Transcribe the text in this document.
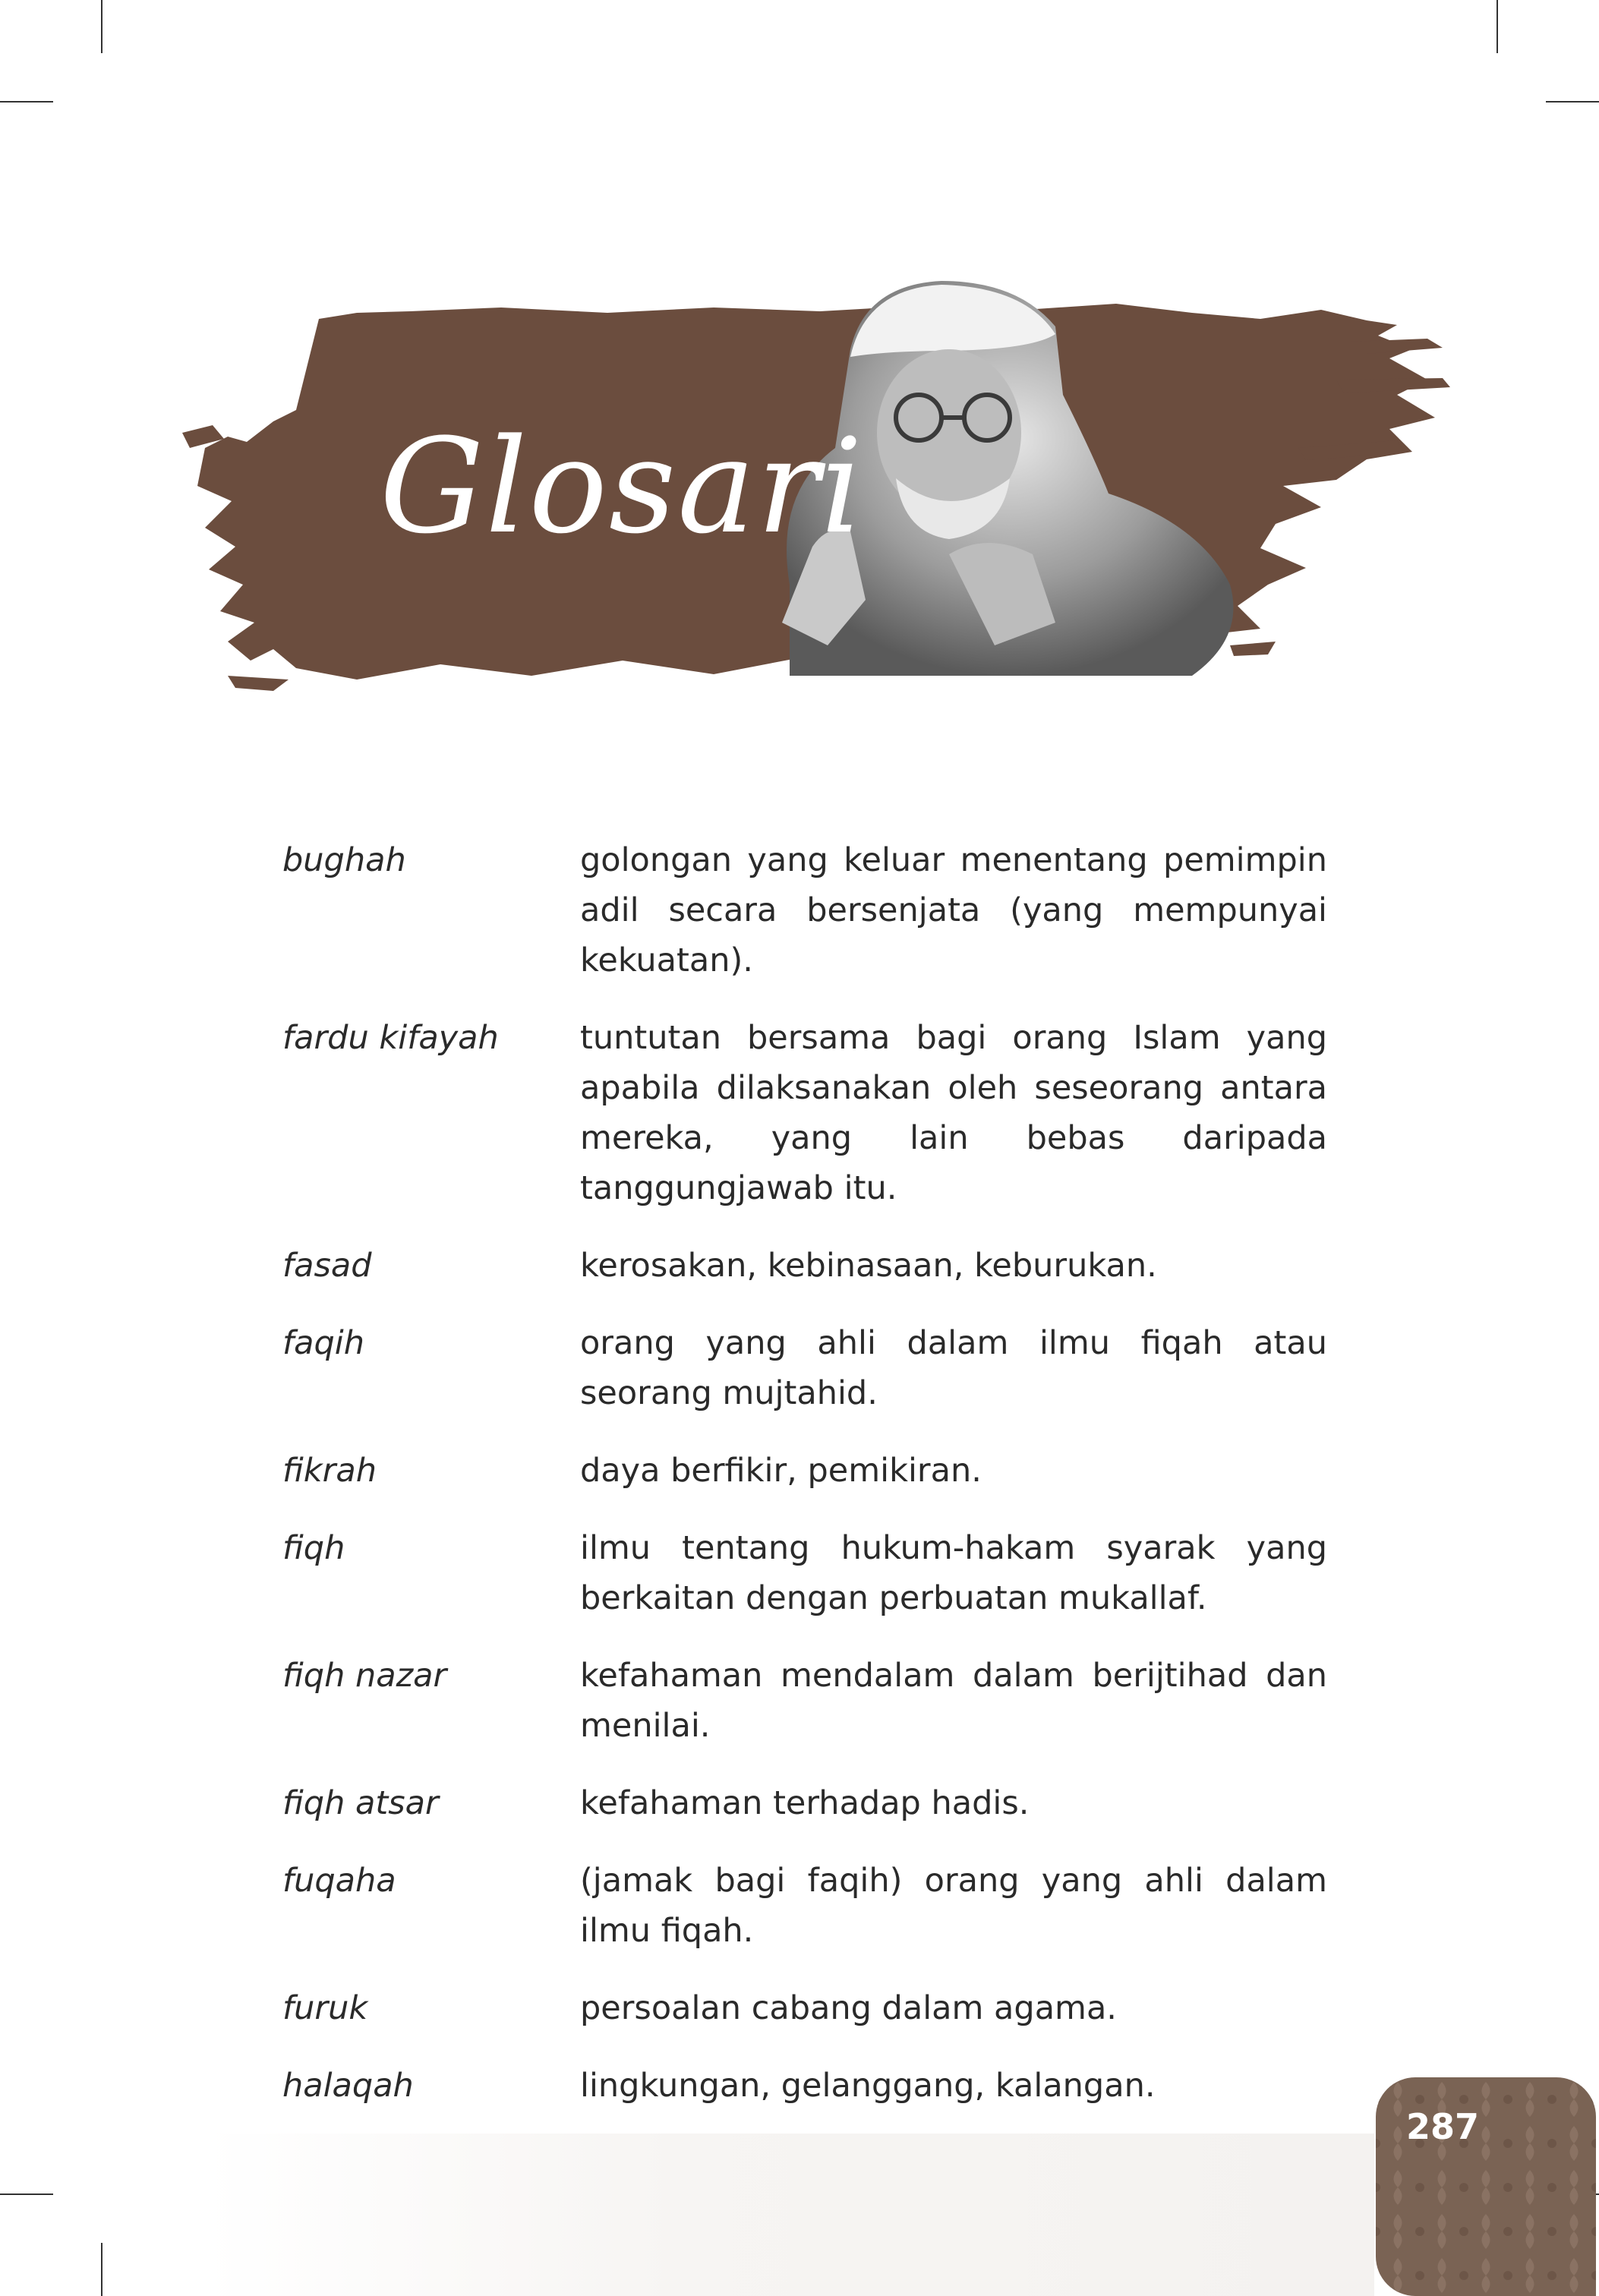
Glosari
bughah	golongan yang keluar menentang pemimpin adil secara bersenjata (yang mempunyai kekuatan).
fardu kifayah	tuntutan bersama bagi orang Islam yang apabila dilaksanakan oleh seseorang antara mereka, yang lain bebas daripada tanggungjawab itu.
fasad	kerosakan, kebinasaan, keburukan.
faqih	orang yang ahli dalam ilmu fiqah atau seorang mujtahid.
fikrah	daya berfikir, pemikiran.
fiqh	ilmu tentang hukum-hakam syarak yang berkaitan dengan perbuatan mukallaf.
fiqh nazar	kefahaman mendalam dalam berijtihad dan menilai.
fiqh atsar	kefahaman terhadap hadis.
fuqaha	(jamak bagi faqih) orang yang ahli dalam ilmu fiqah.
furuk	persoalan cabang dalam agama.
halaqah	lingkungan, gelanggang, kalangan.
287
